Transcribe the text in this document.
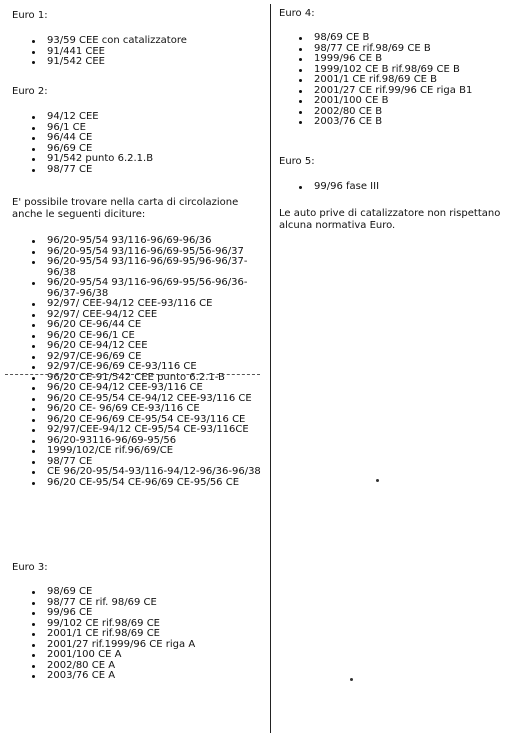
Euro 1:
93/59 CEE con catalizzatore
91/441 CEE
91/542 CEE
Euro 2:
94/12 CEE
96/1 CE
96/44 CE
96/69 CE
91/542 punto 6.2.1.B
98/77 CE
E' possibile trovare nella carta di circolazione anche le seguenti diciture:
96/20-95/54 93/116-96/69-96/36
96/20-95/54 93/116-96/69-95/56-96/37
96/20-95/54 93/116-96/69-95/96-96/37-96/38
96/20-95/54 93/116-96/69-95/56-96/36-96/37-96/38
92/97/ CEE-94/12 CEE-93/116 CE
92/97/ CEE-94/12 CEE
96/20 CE-96/44 CE
96/20 CE-96/1 CE
96/20 CE-94/12 CEE
92/97/CE-96/69 CE
92/97/CE-96/69 CE-93/116 CE
96/20 CE-91/542 CEE punto 6.2.1-B
96/20 CE-94/12 CEE-93/116 CE
96/20 CE-95/54 CE-94/12 CEE-93/116 CE
96/20 CE- 96/69 CE-93/116 CE
96/20 CE-96/69 CE-95/54 CE-93/116 CE
92/97/CEE-94/12 CE-95/54 CE-93/116CE
96/20-93116-96/69-95/56
1999/102/CE rif.96/69/CE
98/77 CE
CE 96/20-95/54-93/116-94/12-96/36-96/38
96/20 CE-95/54 CE-96/69 CE-95/56 CE
Euro 3:
98/69 CE
98/77 CE rif. 98/69 CE
99/96 CE
99/102 CE rif.98/69 CE
2001/1 CE rif.98/69 CE
2001/27 rif.1999/96 CE riga A
2001/100 CE A
2002/80 CE A
2003/76 CE A
Euro 4:
98/69 CE B
98/77 CE rif.98/69 CE B
1999/96 CE B
1999/102 CE B rif.98/69 CE B
2001/1 CE rif.98/69 CE B
2001/27 CE rif.99/96 CE riga B1
2001/100 CE B
2002/80 CE B
2003/76 CE B
Euro 5:
99/96 fase III
Le auto prive di catalizzatore non rispettano alcuna normativa Euro.
